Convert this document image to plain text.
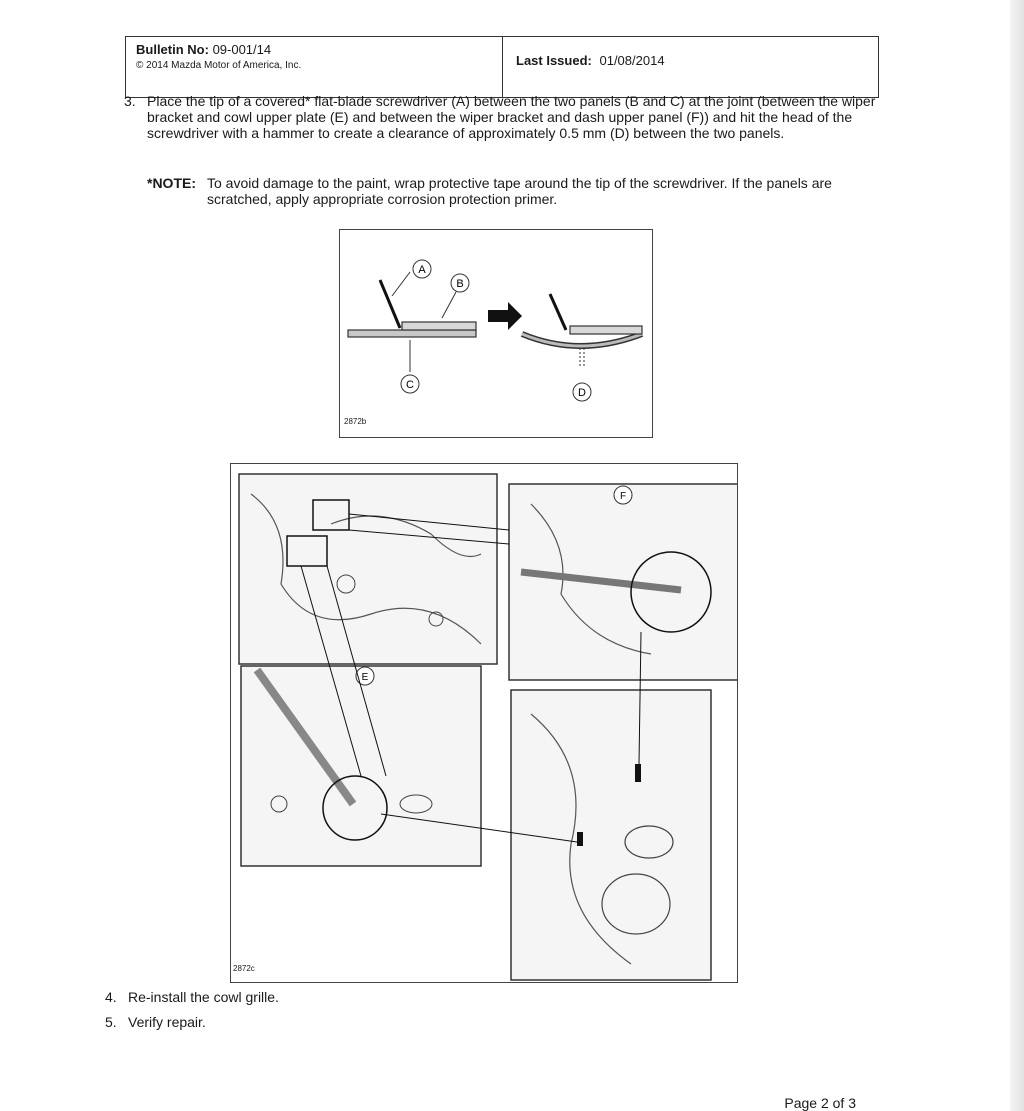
Bulletin No: 09-001/14
© 2014 Mazda Motor of America, Inc.	Last Issued: 01/08/2014
3. Place the tip of a covered* flat-blade screwdriver (A) between the two panels (B and C) at the joint (between the wiper bracket and cowl upper plate (E) and between the wiper bracket and dash upper panel (F)) and hit the head of the screwdriver with a hammer to create a clearance of approximately 0.5 mm (D) between the two panels.
*NOTE: To avoid damage to the paint, wrap protective tape around the tip of the screwdriver. If the panels are scratched, apply appropriate corrosion protection primer.
A
B
C
D
2872b
F
E
2872c
4. Re-install the cowl grille.
5. Verify repair.
Page 2 of 3
